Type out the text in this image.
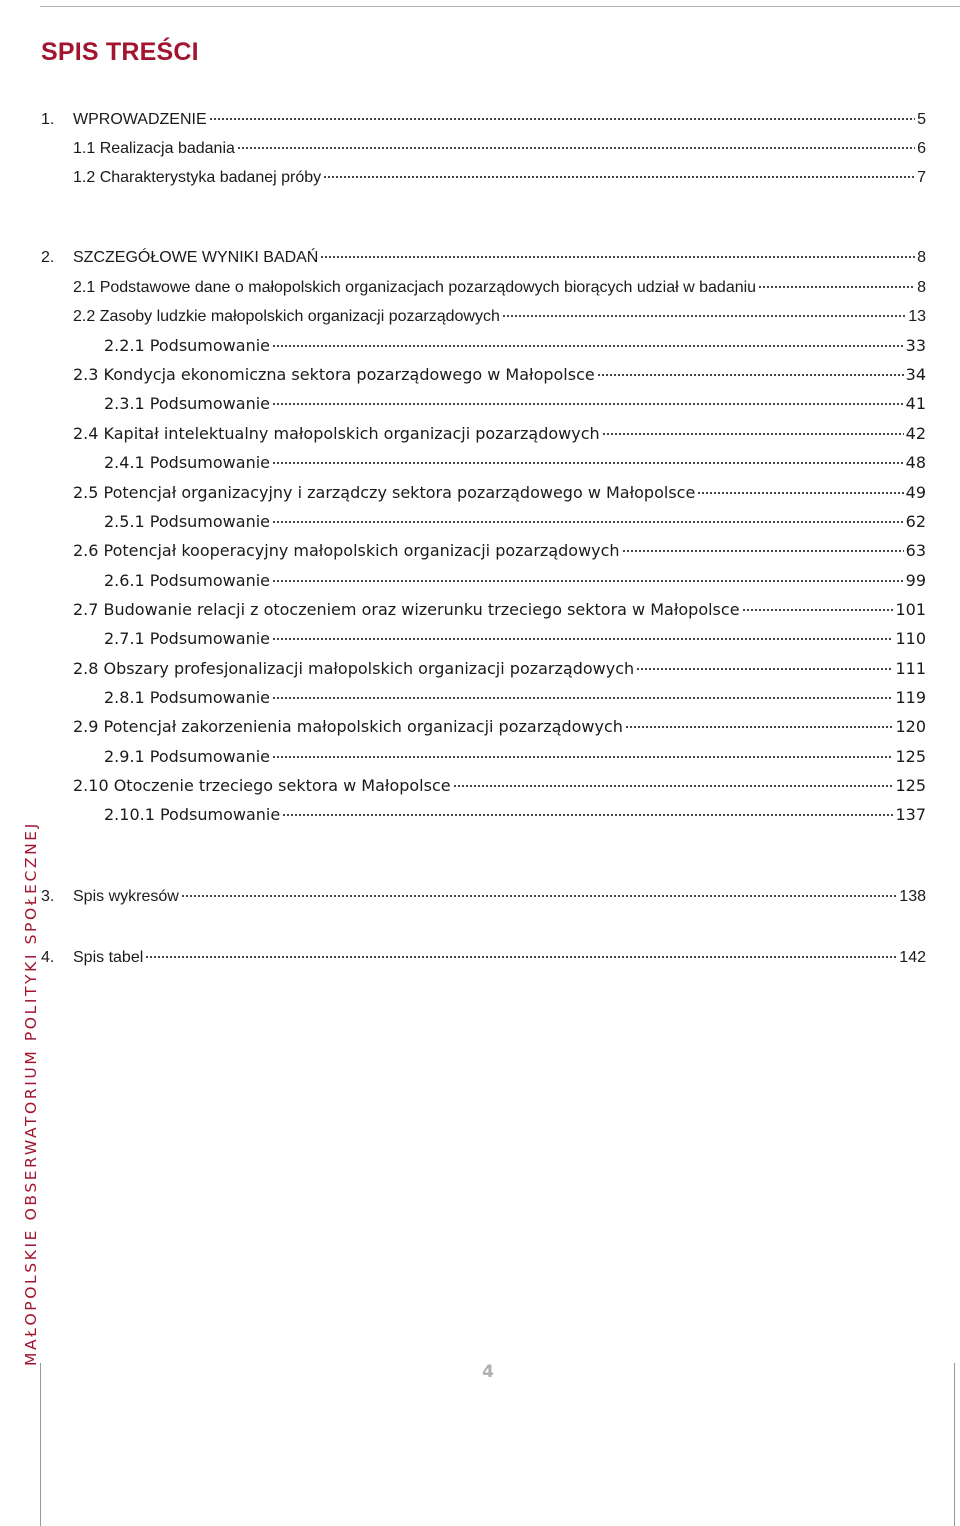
SPIS TREŚCI
1.	WPROWADZENIE	5
1.1 Realizacja badania	6
1.2 Charakterystyka badanej próby	7
2.	SZCZEGÓŁOWE WYNIKI BADAŃ	8
2.1 Podstawowe dane o małopolskich organizacjach pozarządowych biorących udział w badaniu	8
2.2 Zasoby ludzkie małopolskich organizacji pozarządowych	13
2.2.1 Podsumowanie	33
2.3 Kondycja ekonomiczna sektora pozarządowego w Małopolsce	34
2.3.1 Podsumowanie	41
2.4 Kapitał intelektualny małopolskich organizacji pozarządowych	42
2.4.1 Podsumowanie	48
2.5 Potencjał organizacyjny i zarządczy sektora pozarządowego w Małopolsce	49
2.5.1 Podsumowanie	62
2.6 Potencjał kooperacyjny małopolskich organizacji pozarządowych	63
2.6.1 Podsumowanie	99
2.7 Budowanie relacji z otoczeniem oraz wizerunku trzeciego sektora w Małopolsce	101
2.7.1 Podsumowanie	110
2.8 Obszary profesjonalizacji małopolskich organizacji pozarządowych	111
2.8.1 Podsumowanie	119
2.9 Potencjał zakorzenienia małopolskich organizacji pozarządowych	120
2.9.1 Podsumowanie	125
2.10 Otoczenie trzeciego sektora w Małopolsce	125
2.10.1 Podsumowanie	137
3.	Spis wykresów	138
4.	Spis tabel	142
MAŁOPOLSKIE OBSERWATORIUM POLITYKI SPOŁECZNEJ
4
